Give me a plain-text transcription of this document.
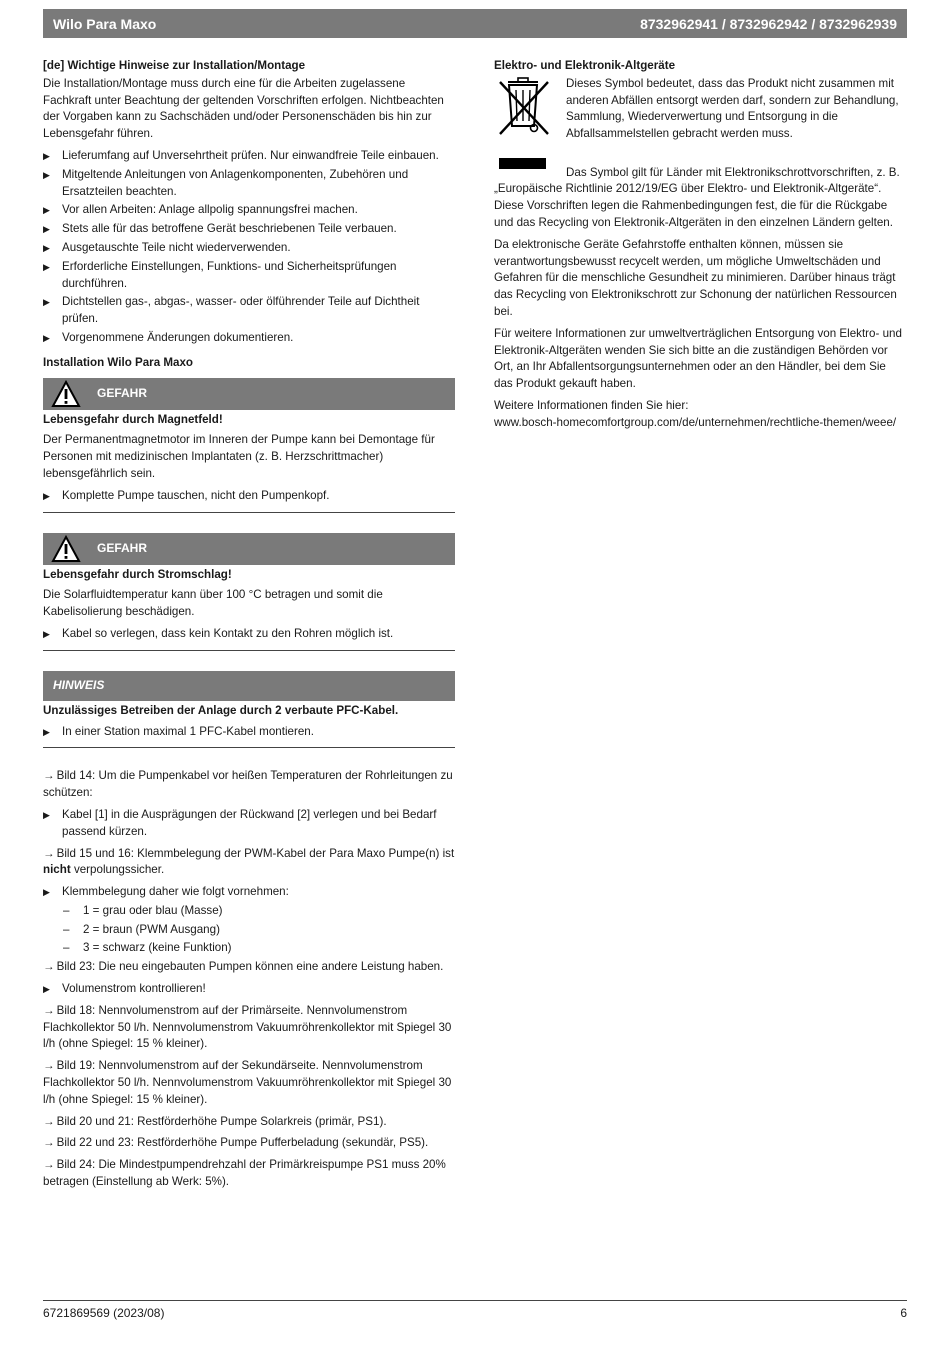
Wilo Para Maxo	8732962941 / 8732962942 / 8732962939

[de] Wichtige Hinweise zur Installation/Montage

Die Installation/Montage muss durch eine für die Arbeiten zugelassene Fachkraft unter Beachtung der geltenden Vorschriften erfolgen. Nichtbeachten der Vorgaben kann zu Sachschäden und/oder Personenschäden bis hin zur Lebensgefahr führen.

▶ Lieferumfang auf Unversehrtheit prüfen. Nur einwandfreie Teile einbauen.
▶ Mitgeltende Anleitungen von Anlagenkomponenten, Zubehören und Ersatzteilen beachten.
▶ Vor allen Arbeiten: Anlage allpolig spannungsfrei machen.
▶ Stets alle für das betroffene Gerät beschriebenen Teile verbauen.
▶ Ausgetauschte Teile nicht wiederverwenden.
▶ Erforderliche Einstellungen, Funktions- und Sicherheitsprüfungen durchführen.
▶ Dichtstellen gas-, abgas-, wasser- oder ölführender Teile auf Dichtheit prüfen.
▶ Vorgenommene Änderungen dokumentieren.

Installation Wilo Para Maxo

GEFAHR

Lebensgefahr durch Magnetfeld!

Der Permanentmagnetmotor im Inneren der Pumpe kann bei Demontage für Personen mit medizinischen Implantaten (z. B. Herzschrittmacher) lebensgefährlich sein.

▶ Komplette Pumpe tauschen, nicht den Pumpenkopf.
GEFAHR

Lebensgefahr durch Stromschlag!

Die Solarfluidtemperatur kann über 100 °C betragen und somit die Kabelisolierung beschädigen.

▶ Kabel so verlegen, dass kein Kontakt zu den Rohren möglich ist.
HINWEIS

Unzulässiges Betreiben der Anlage durch 2 verbaute PFC-Kabel.

▶ In einer Station maximal 1 PFC-Kabel montieren.

→ Bild 14: Um die Pumpenkabel vor heißen Temperaturen der Rohrleitungen zu schützen:

▶ Kabel [1] in die Ausprägungen der Rückwand [2] verlegen und bei Bedarf passend kürzen.

→ Bild 15 und 16: Klemmbelegung der PWM-Kabel der Para Maxo Pumpe(n) ist nicht verpolungssicher.

▶ Klemmbelegung daher wie folgt vornehmen:
– 1 = grau oder blau (Masse)
– 2 = braun (PWM Ausgang)
– 3 = schwarz (keine Funktion)

→ Bild 23: Die neu eingebauten Pumpen können eine andere Leistung haben.

▶ Volumenstrom kontrollieren!

→ Bild 18: Nennvolumenstrom auf der Primärseite. Nennvolumenstrom Flachkollektor 50 l/h. Nennvolumenstrom Vakuumröhrenkollektor mit Spiegel 30 l/h (ohne Spiegel: 15 % kleiner).

→ Bild 19: Nennvolumenstrom auf der Sekundärseite. Nennvolumenstrom Flachkollektor 50 l/h. Nennvolumenstrom Vakuumröhrenkollektor mit Spiegel 30 l/h (ohne Spiegel: 15 % kleiner).

→ Bild 20 und 21: Restförderhöhe Pumpe Solarkreis (primär, PS1).

→ Bild 22 und 23: Restförderhöhe Pumpe Pufferbeladung (sekundär, PS5).

→ Bild 24: Die Mindestpumpendrehzahl der Primärkreispumpe PS1 muss 20% betragen (Einstellung ab Werk: 5%).

Elektro- und Elektronik-Altgeräte

Dieses Symbol bedeutet, dass das Produkt nicht zusammen mit anderen Abfällen entsorgt werden darf, sondern zur Behandlung, Sammlung, Wiederverwertung und Entsorgung in die Abfallsammelstellen gebracht werden muss.

Das Symbol gilt für Länder mit Elektronikschrottvorschriften, z. B. „Europäische Richtlinie 2012/19/EG über Elektro- und Elektronik-Altgeräte“. Diese Vorschriften legen die Rahmenbedingungen fest, die für die Rückgabe und das Recycling von Elektronik-Altgeräten in den einzelnen Ländern gelten.

Da elektronische Geräte Gefahrstoffe enthalten können, müssen sie verantwortungsbewusst recycelt werden, um mögliche Umweltschäden und Gefahren für die menschliche Gesundheit zu minimieren. Darüber hinaus trägt das Recycling von Elektronikschrott zur Schonung der natürlichen Ressourcen bei.

Für weitere Informationen zur umweltverträglichen Entsorgung von Elektro- und Elektronik-Altgeräten wenden Sie sich bitte an die zuständigen Behörden vor Ort, an Ihr Abfallentsorgungsunternehmen oder an den Händler, bei dem Sie das Produkt gekauft haben.

Weitere Informationen finden Sie hier:

www.bosch-homecomfortgroup.com/de/unternehmen/rechtliche-themen/weee/

6721869569 (2023/08)	6
